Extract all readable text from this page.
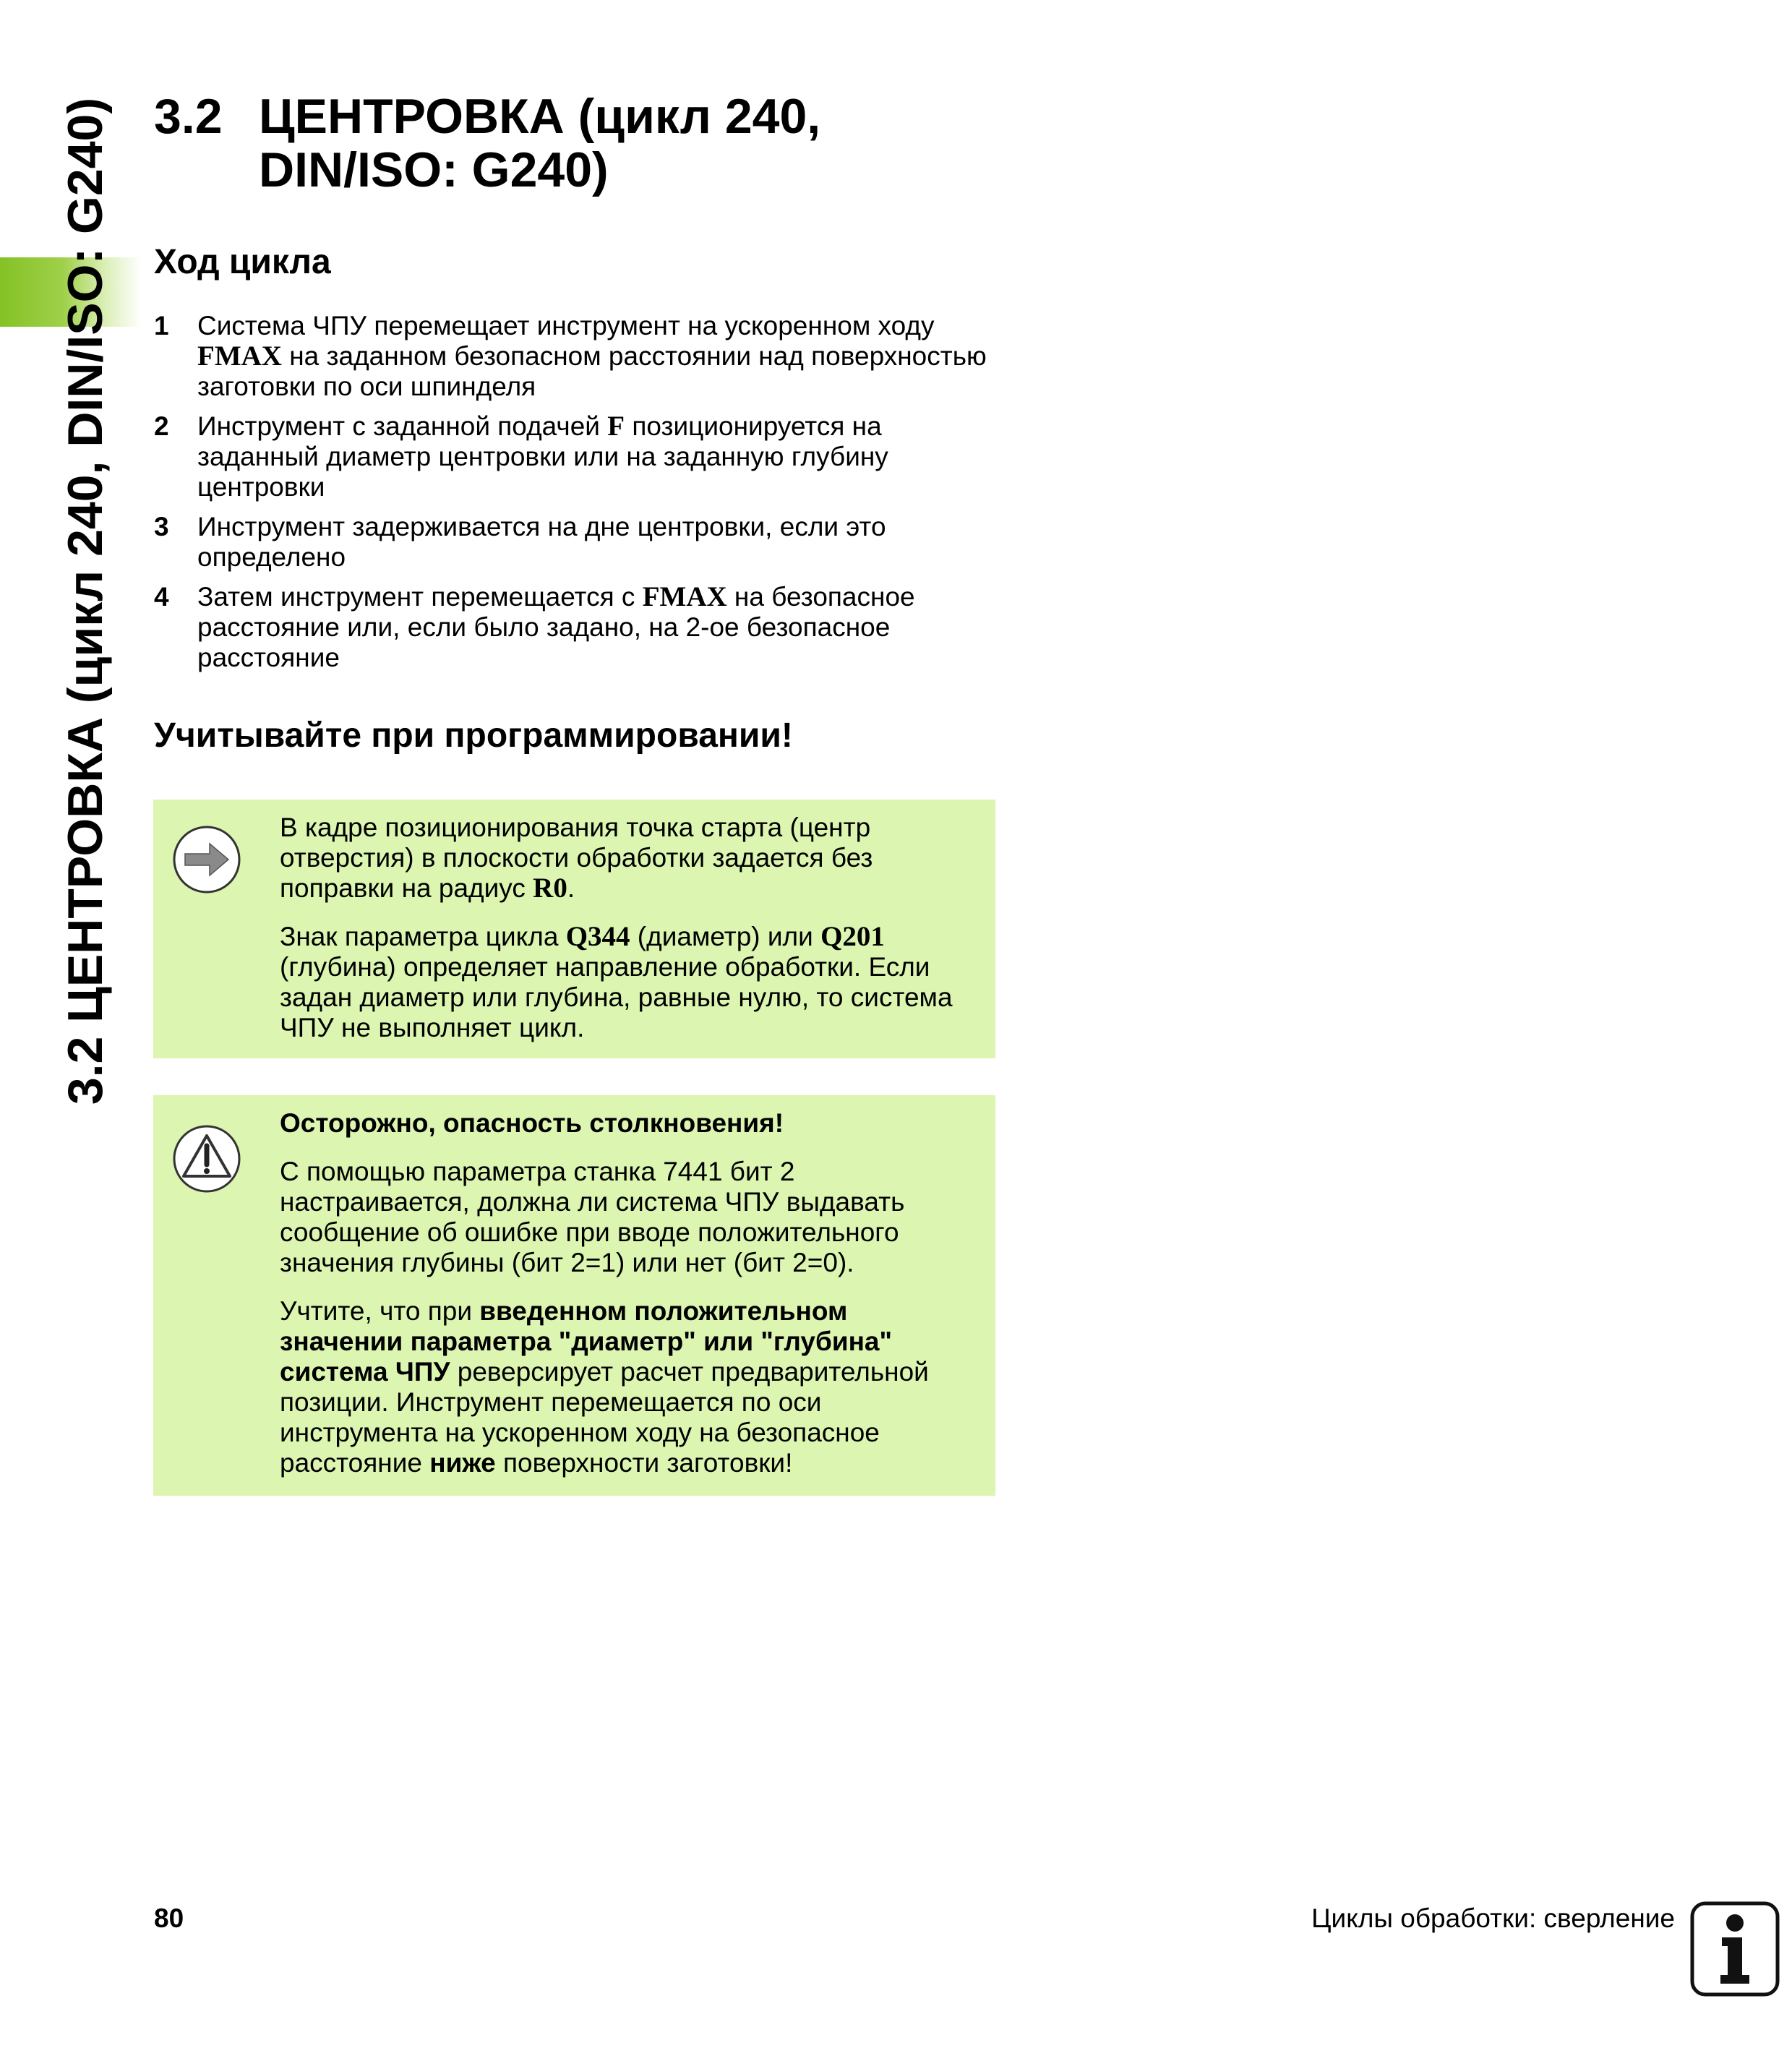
3.2 ЦЕНТРОВКА (цикл 240, DIN/ISO: G240) 3.2 ЦЕНТРОВКА (цикл 240,
DIN/ISO: G240)
Ход цикла
1	Система ЧПУ перемещает инструмент на ускоренном ходу
FMAX на заданном безопасном расстоянии над поверхностью заготовки по оси шпинделя
2	Инструмент с заданной подачей F позиционируется на заданный диаметр центровки или на заданную глубину центровки
3	Инструмент задерживается на дне центровки, если это определено
4	Затем инструмент перемещается с FMAX на безопасное расстояние или, если было задано, на 2-ое безопасное расстояние
Учитывайте при программировании!

В кадре позиционирования точка старта (центр отверстия) в плоскости обработки задается без поправки на радиус R0.

Знак параметра цикла Q344 (диаметр) или Q201 (глубина) определяет направление обработки. Если задан диаметр или глубина, равные нулю, то система ЧПУ не выполняет цикл.

Осторожно, опасность столкновения!

С помощью параметра станка 7441 бит 2 настраивается, должна ли система ЧПУ выдавать сообщение об ошибке при вводе положительного значения глубины (бит 2=1) или нет (бит 2=0).

Учтите, что при введенном положительном значении параметра "диаметр" или "глубина" система ЧПУ реверсирует расчет предварительной позиции. Инструмент перемещается по оси инструмента на ускоренном ходу на безопасное расстояние ниже поверхности заготовки!

80	Циклы обработки: сверление
